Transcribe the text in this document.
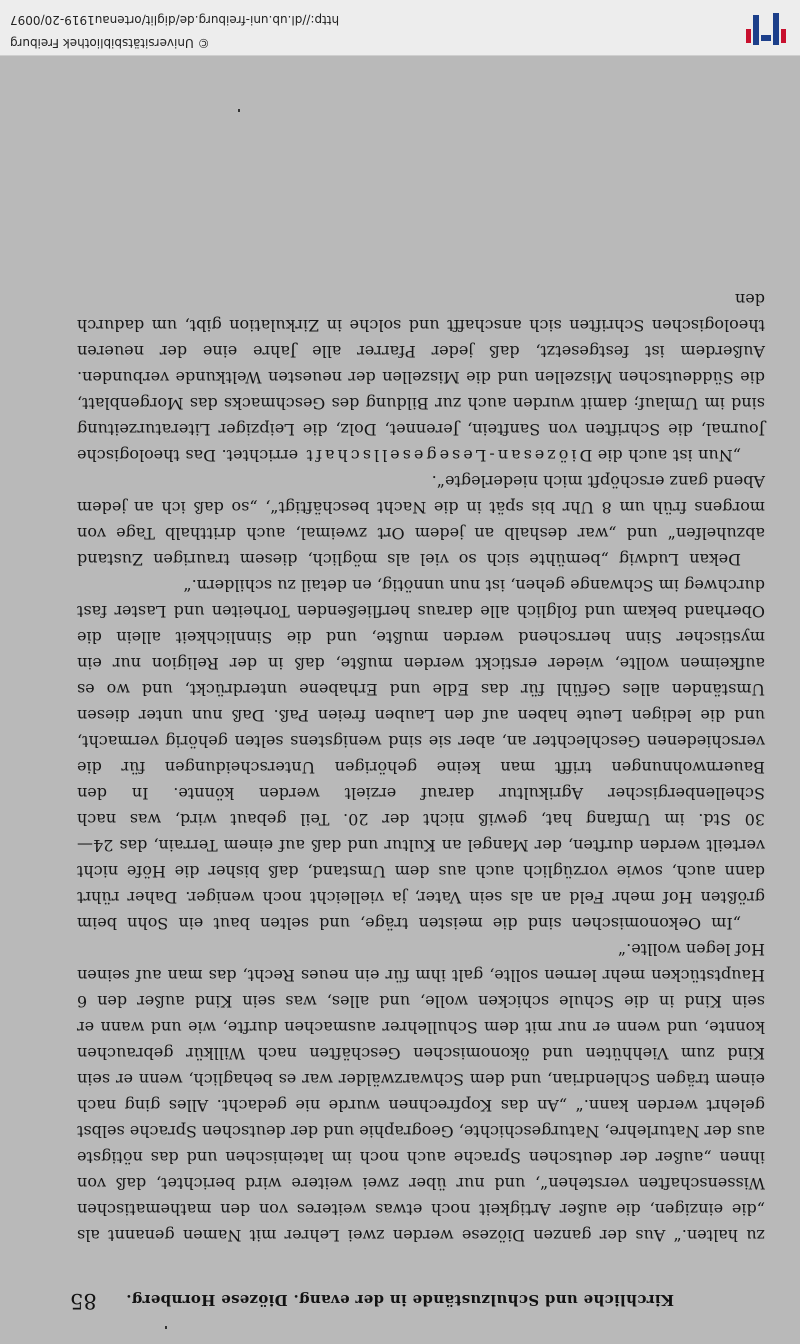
85	Kirchliche und Schulzustände in der evang. Diözese Hornberg.

zu halten.“ Aus der ganzen Diözese werden zwei Lehrer mit Namen genannt als „die einzigen, die außer Artigkeit noch etwas weiteres von den mathematischen Wissenschaften verstehen“, und nur über zwei weitere wird berichtet, daß von ihnen „außer der deutschen Sprache auch noch im lateinischen und das nötigste aus der Naturlehre, Naturgeschichte, Geographie und der deutschen Sprache selbst gelehrt werden kann.“ „An das Kopfrechnen wurde nie gedacht. Alles ging nach einem trägen Schlendrian, und dem Schwarzwälder war es behaglich, wenn er sein Kind zum Viehhüten und ökonomischen Geschäften nach Willkür gebrauchen konnte, und wenn er nur mit dem Schullehrer ausmachen durfte, wie und wann er sein Kind in die Schule schicken wolle, und alles, was sein Kind außer den 6 Hauptstücken mehr lernen sollte, galt ihm für ein neues Recht, das man auf seinen Hof legen wollte.“

„Im Oekonomischen sind die meisten träge, und selten baut ein Sohn beim größten Hof mehr Feld an als sein Vater, ja vielleicht noch weniger. Daher rührt dann auch, sowie vorzüglich auch aus dem Umstand, daß bisher die Höfe nicht verteilt werden durften, der Mangel an Kultur und daß auf einem Terrain, das 24—30 Std. im Umfang hat, gewiß nicht der 20. Teil gebaut wird, was nach Schellenbergischer Agrikultur darauf erzielt werden könnte. In den Bauernwohnungen trifft man keine gehörigen Unterscheidungen für die verschiedenen Geschlechter an, aber sie sind wenigstens selten gehörig vermacht, und die ledigen Leute haben auf den Lauben freien Paß. Daß nun unter diesen Umständen alles Gefühl für das Edle und Erhabene unterdrückt, und wo es aufkeimen wollte, wieder erstickt werden mußte, daß in der Religion nur ein mystischer Sinn herrschend werden mußte, und die Sinnlichkeit allein die Oberhand bekam und folglich alle daraus herfließenden Torheiten und Laster fast durchweg im Schwange gehen, ist nun unnötig, en detail zu schildern.“

Dekan Ludwig „bemühte sich so viel als möglich, diesem traurigen Zustand abzuhelfen“ und „war deshalb an jedem Ort zweimal, auch dritthalb Tage von morgens früh um 8 Uhr bis spät in die Nacht beschäftigt“, „so daß ich an jedem Abend ganz erschöpft mich niederlegte“.

„Nun ist auch die Diözesan-Lesegesellschaft errichtet. Das theologische Journal, die Schriften von Sanftein, Jerennet, Dolz, die Leipziger Literaturzeitung sind im Umlauf; damit wurden auch zur Bildung des Geschmacks das Morgenblatt, die Süddeutschen Miszellen und die Miszellen der neuesten Weltkunde verbunden. Außerdem ist festgesetzt, daß jeder Pfarrer alle Jahre eine der neueren theologischen Schriften sich anschafft und solche in Zirkulation gibt, um dadurch den

http://dl.ub.uni-freiburg.de/diglit/ortenau1919-20/0097
© Universitätsbibliothek Freiburg
